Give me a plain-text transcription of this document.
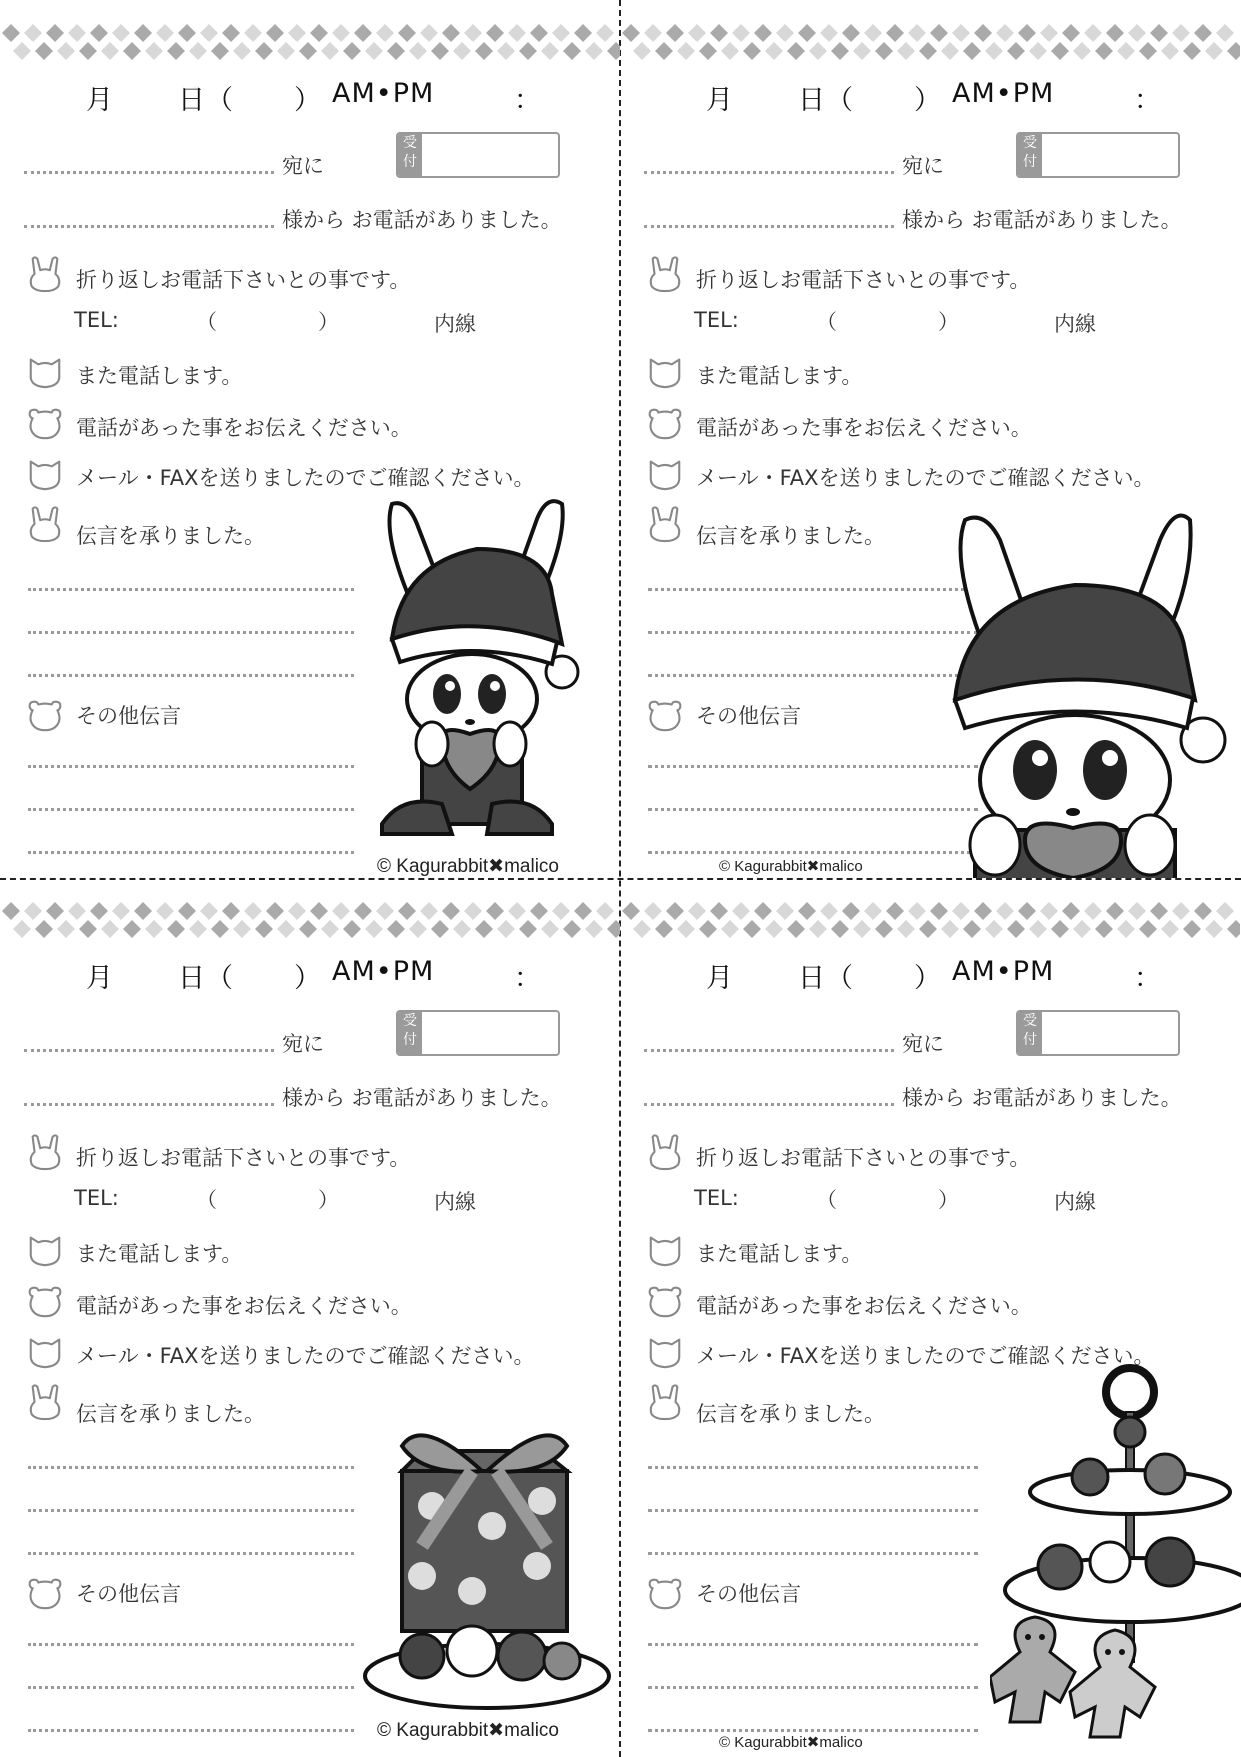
月 日（ ） AM•PM	：
宛に
受
付
様から お電話がありました。
折り返しお電話下さいとの事です。
TEL:	（	）	内線
また電話します。
電話があった事をお伝えください。
メール・FAXを送りましたのでご確認ください。
伝言を承りました。
その他伝言
月 日（ ） AM•PM	：
宛に
受
付
様から お電話がありました。
折り返しお電話下さいとの事です。
TEL:	（	）	内線
また電話します。
電話があった事をお伝えください。
メール・FAXを送りましたのでご確認ください。
伝言を承りました。
その他伝言
月 日（ ） AM•PM	：
宛に
受
付
様から お電話がありました。
折り返しお電話下さいとの事です。
TEL:	（	）	内線
また電話します。
電話があった事をお伝えください。
メール・FAXを送りましたのでご確認ください。
伝言を承りました。
その他伝言
月 日（ ） AM•PM	：
宛に
受
付
様から お電話がありました。
折り返しお電話下さいとの事です。
TEL:	（	）	内線
また電話します。
電話があった事をお伝えください。
メール・FAXを送りましたのでご確認ください。
伝言を承りました。
その他伝言
© Kagurabbit✖malico	© Kagurabbit✖malico
© Kagurabbit✖malico
© Kagurabbit✖malico
